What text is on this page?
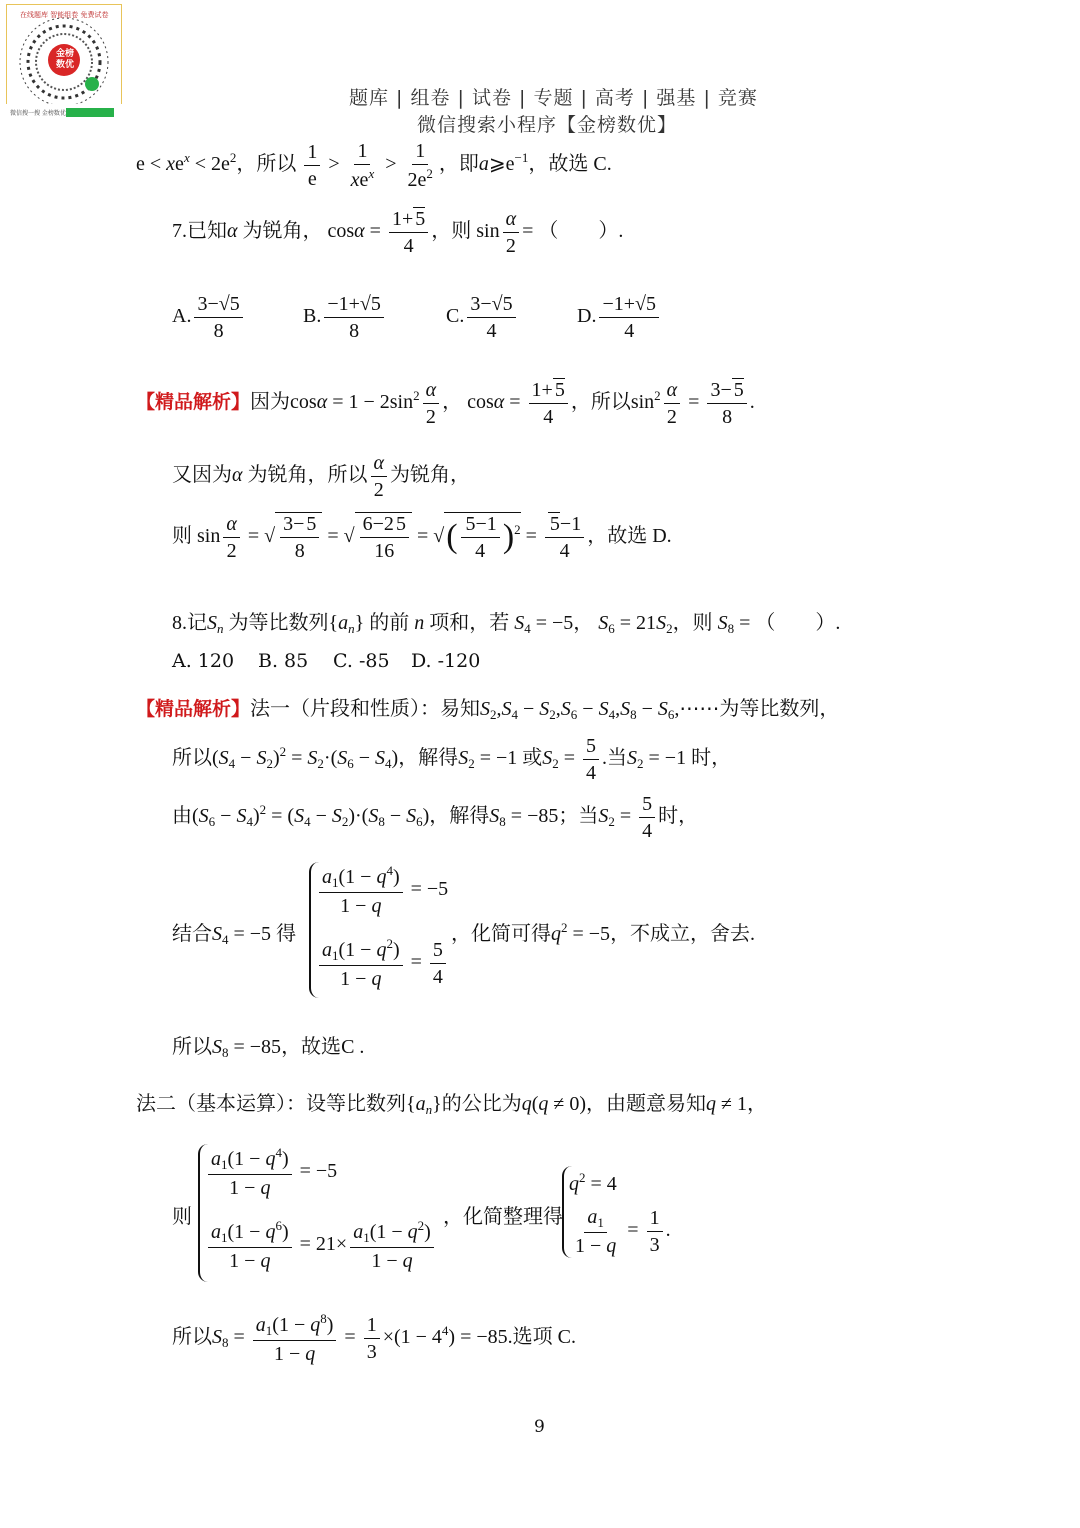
金榜数优
在线题库 智能组卷 免费试卷
微信搜一搜 金榜数优
题库 | 组卷 | 试卷 | 专题 | 高考 | 强基 | 竞赛
微信搜索小程序【金榜数优】
$e < xe^x < 2e^2$，所以 $\frac{1}{e} > \frac{1}{xe^x} > \frac{1}{2e^2}$ ，即$a⩾e^{-1}$，故选 C.
7.已知α 为锐角， $\cos\alpha = \frac{1+ 5}{4}$ ，则 $\sin \frac{\alpha}{2}$ = （　　）.
A. $\frac{3-√5}{8}$	B. $\frac{-1+√5}{8}$	C. $\frac{3-√5}{4}$	D. $\frac{-1+√5}{4}$
【精品解析】因为$\cos\alpha = 1 - 2\sin^2 \frac{\alpha}{2}$ ， $\cos\alpha = \frac{1+ 5}{4}$ ，所以$\sin^2 \frac{\alpha}{2} = \frac{3- 5}{8}$ .
又因为α 为锐角，所以 $\frac{\alpha}{2}$ 为锐角，
则 $\sin \frac{\alpha}{2}$ = √ $\frac{3- 5}{8}$ = √ $\frac{6-2 5}{16}$ = √( $\frac{5-1}{4} )^2 = \frac{5-1}{4}$ ，故选 D.
8.记$S_n$ 为等比数列$\{a_n\}$ 的前 n 项和，若 $S_4 = -5$， $S_6 = 21S_2$，则 $S_8$ = （　　）.
A. 120 B. 85 C. -85 D. -120
【精品解析】法一（片段和性质）：易知$S_2,S_4 - S_2,S_6 - S_4,S_8$ − $S_6,\cdots\cdots$为等比数列，
所以$(S_4 - S_2)^2 = S_2\cdot(S_6 - S_4)$，解得$S_2 = -1$ 或$S_2 = \frac{5}{4}$ .当$S_2 = -1$ 时，
由$(S_6 - S_4)^2 = (S_4 - S_2)\cdot(S_8 - S_6)$，解得$S_8 = -85$；当$S_2 = \frac{5}{4}$ 时，
结合$S_4 = -5$ 得
$\frac{a_1(1 - q^4)}{1 - q} = -5$
$\frac{a_1(1 - q^2)}{1 - q} = \frac{5}{4}$
，化简可得$q^2 = -5$，不成立，舍去.
所以$S_8 = -85$，故选C .
法二（基本运算）：设等比数列$\{a_n\}$的公比为q(q ≠ 0)，由题意易知q ≠ 1，
则
$\frac{a_1(1 - q^4)}{1 - q} = -5$
$\frac{a_1(1 - q^6)}{1 - q} = 21\times \frac{a_1(1 - q^2)}{1 - q}$
，化简整理得
$q^2 = 4$
$\frac{a_1}{1 - q} = \frac{1}{3}$ .
所以$S_8 = \frac{a_1(1 - q^8)}{1 - q} = \frac{1}{3} \times(1 - 4^4) = -85$.选项 C.
9
